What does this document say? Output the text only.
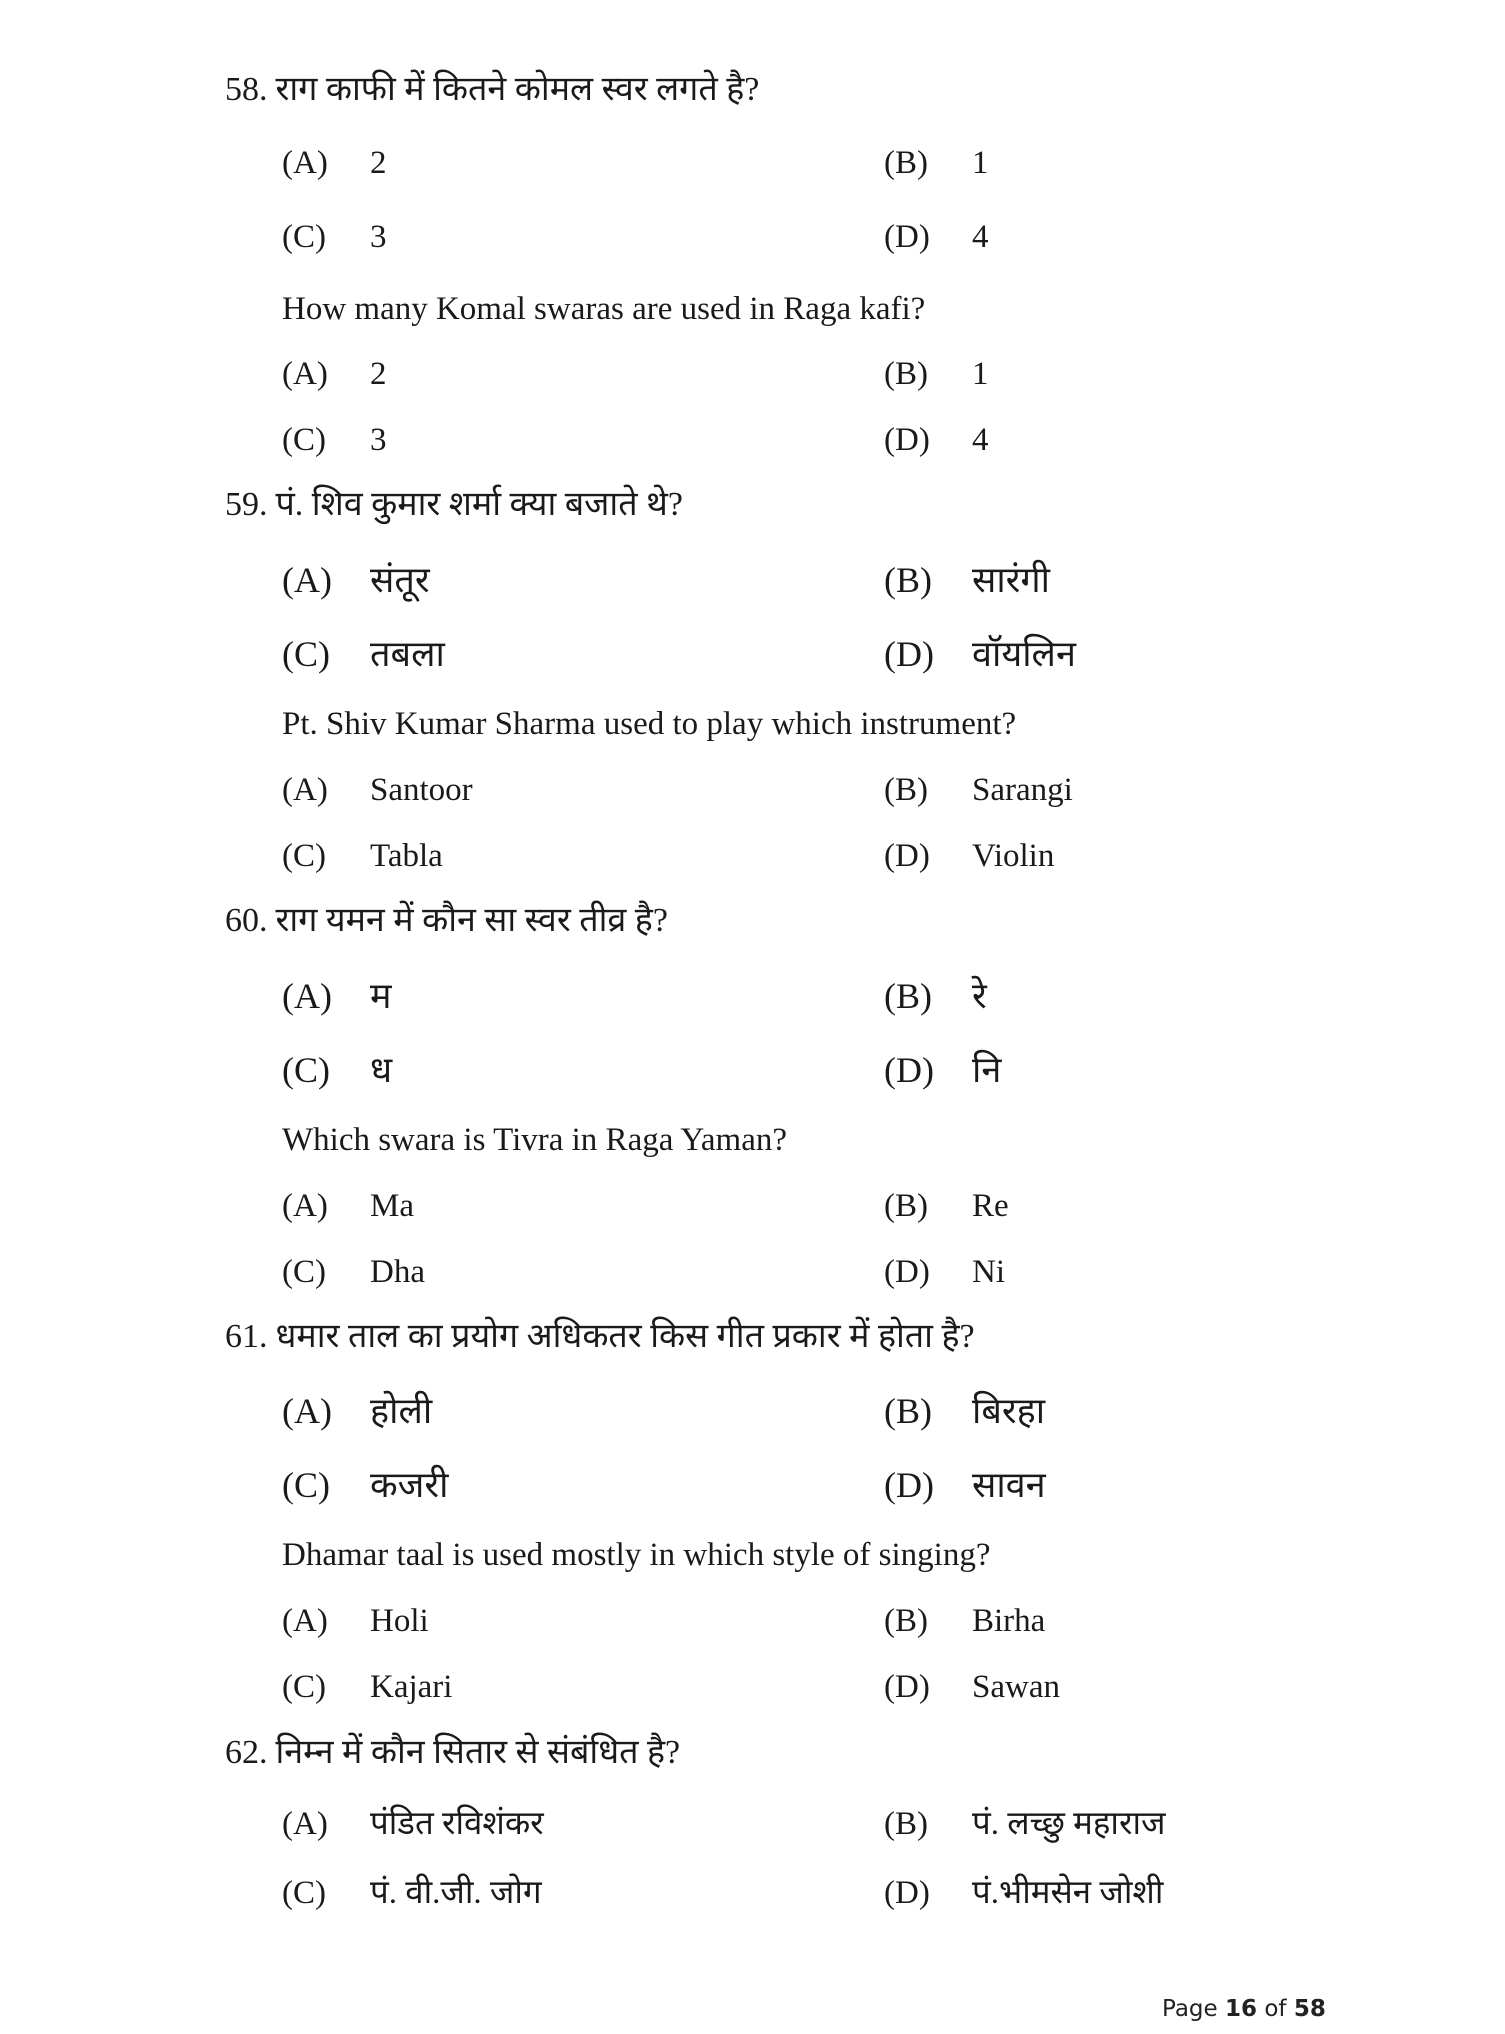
58. राग काफी में कितने कोमल स्वर लगते है?
(A) 2	(B) 1
(C) 3	(D) 4
How many Komal swaras are used in Raga kafi?
(A) 2	(B) 1
(C) 3	(D) 4
59. पं. शिव कुमार शर्मा क्या बजाते थे?
(A) संतूर	(B) सारंगी
(C) तबला	(D) वॉयलिन
Pt. Shiv Kumar Sharma used to play which instrument?
(A) Santoor	(B) Sarangi
(C) Tabla	(D) Violin
60. राग यमन में कौन सा स्वर तीव्र है?
(A) म	(B) रे
(C) ध	(D) नि
Which swara is Tivra in Raga Yaman?
(A) Ma	(B) Re
(C) Dha	(D) Ni
61. धमार ताल का प्रयोग अधिकतर किस गीत प्रकार में होता है?
(A) होली	(B) बिरहा
(C) कजरी	(D) सावन
Dhamar taal is used mostly in which style of singing?
(A) Holi	(B) Birha
(C) Kajari	(D) Sawan
62. निम्न में कौन सितार से संबंधित है?
(A) पंडित रविशंकर	(B) पं. लच्छु महाराज
(C) पं. वी.जी. जोग	(D) पं.भीमसेन जोशी
Page 16 of 58
